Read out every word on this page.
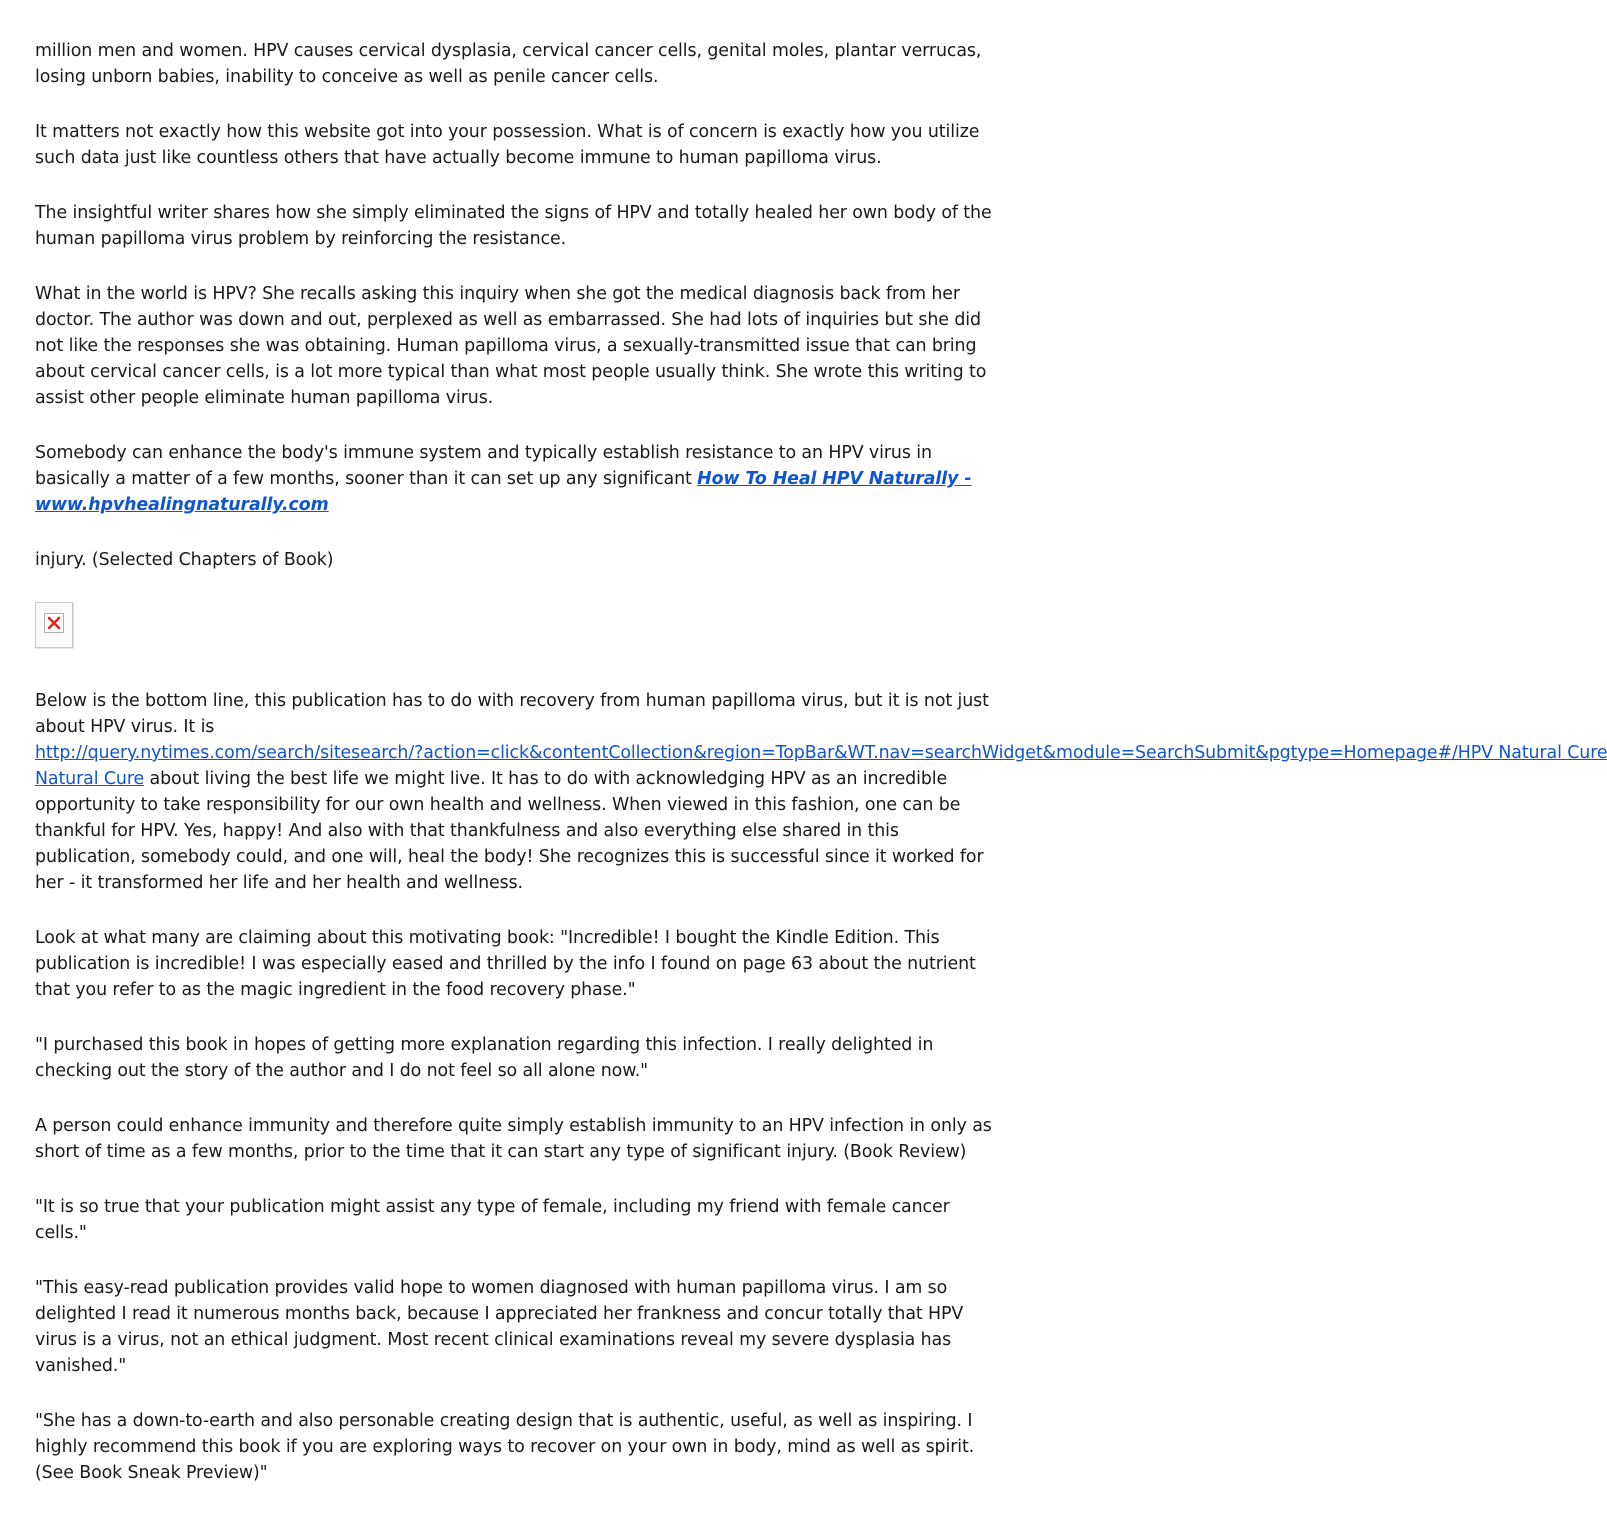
million men and women. HPV causes cervical dysplasia, cervical cancer cells, genital moles, plantar verrucas, losing unborn babies, inability to conceive as well as penile cancer cells.

It matters not exactly how this website got into your possession. What is of concern is exactly how you utilize such data just like countless others that have actually become immune to human papilloma virus.

The insightful writer shares how she simply eliminated the signs of HPV and totally healed her own body of the human papilloma virus problem by reinforcing the resistance.

What in the world is HPV? She recalls asking this inquiry when she got the medical diagnosis back from her doctor. The author was down and out, perplexed as well as embarrassed. She had lots of inquiries but she did not like the responses she was obtaining. Human papilloma virus, a sexually-transmitted issue that can bring about cervical cancer cells, is a lot more typical than what most people usually think. She wrote this writing to assist other people eliminate human papilloma virus.

Somebody can enhance the body's immune system and typically establish resistance to an HPV virus in basically a matter of a few months, sooner than it can set up any significant How To Heal HPV Naturally - www.hpvhealingnaturally.com

injury. (Selected Chapters of Book)

Below is the bottom line, this publication has to do with recovery from human papilloma virus, but it is not just about HPV virus. It is
http://query.nytimes.com/search/sitesearch/?action=click&contentCollection&region=TopBar&WT.nav=searchWidget&module=SearchSubmit&pgtype=Homepage#/HPV Natural Cure
Natural Cure about living the best life we might live. It has to do with acknowledging HPV as an incredible opportunity to take responsibility for our own health and wellness. When viewed in this fashion, one can be thankful for HPV. Yes, happy! And also with that thankfulness and also everything else shared in this publication, somebody could, and one will, heal the body! She recognizes this is successful since it worked for her - it transformed her life and her health and wellness.

Look at what many are claiming about this motivating book: "Incredible! I bought the Kindle Edition. This publication is incredible! I was especially eased and thrilled by the info I found on page 63 about the nutrient that you refer to as the magic ingredient in the food recovery phase."

"I purchased this book in hopes of getting more explanation regarding this infection. I really delighted in checking out the story of the author and I do not feel so all alone now."

A person could enhance immunity and therefore quite simply establish immunity to an HPV infection in only as short of time as a few months, prior to the time that it can start any type of significant injury. (Book Review)

"It is so true that your publication might assist any type of female, including my friend with female cancer cells."

"This easy-read publication provides valid hope to women diagnosed with human papilloma virus. I am so delighted I read it numerous months back, because I appreciated her frankness and concur totally that HPV virus is a virus, not an ethical judgment. Most recent clinical examinations reveal my severe dysplasia has vanished."

"She has a down-to-earth and also personable creating design that is authentic, useful, as well as inspiring. I highly recommend this book if you are exploring ways to recover on your own in body, mind as well as spirit. (See Book Sneak Preview)"
